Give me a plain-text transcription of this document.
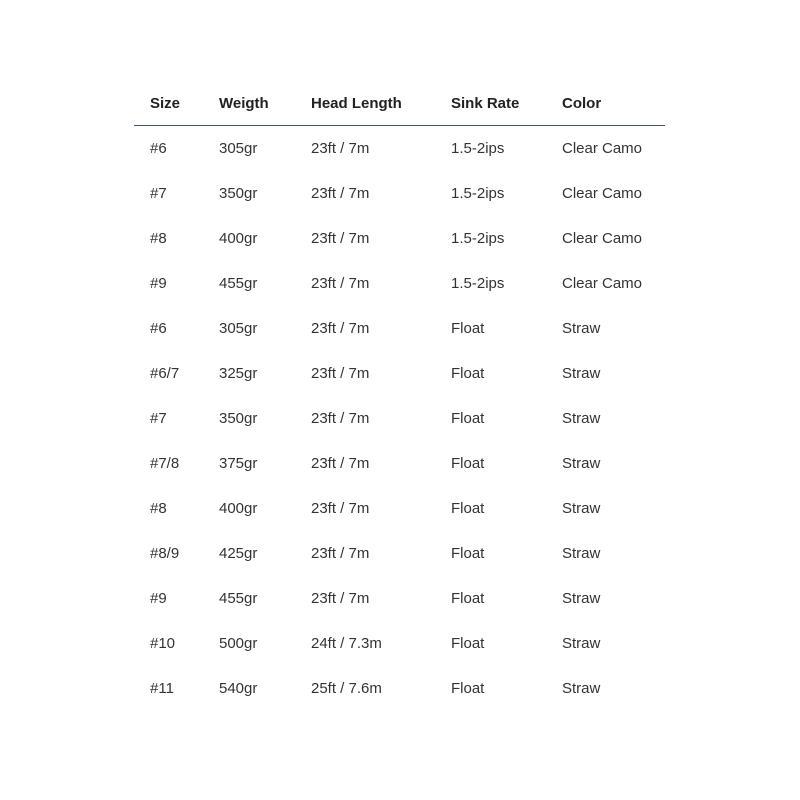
Size	Weigth	Head Length	Sink Rate	Color
#6	305gr	23ft / 7m	1.5-2ips	Clear Camo
#7	350gr	23ft / 7m	1.5-2ips	Clear Camo
#8	400gr	23ft / 7m	1.5-2ips	Clear Camo
#9	455gr	23ft / 7m	1.5-2ips	Clear Camo
#6	305gr	23ft / 7m	Float	Straw
#6/7	325gr	23ft / 7m	Float	Straw
#7	350gr	23ft / 7m	Float	Straw
#7/8	375gr	23ft / 7m	Float	Straw
#8	400gr	23ft / 7m	Float	Straw
#8/9	425gr	23ft / 7m	Float	Straw
#9	455gr	23ft / 7m	Float	Straw
#10	500gr	24ft / 7.3m	Float	Straw
#11	540gr	25ft / 7.6m	Float	Straw
